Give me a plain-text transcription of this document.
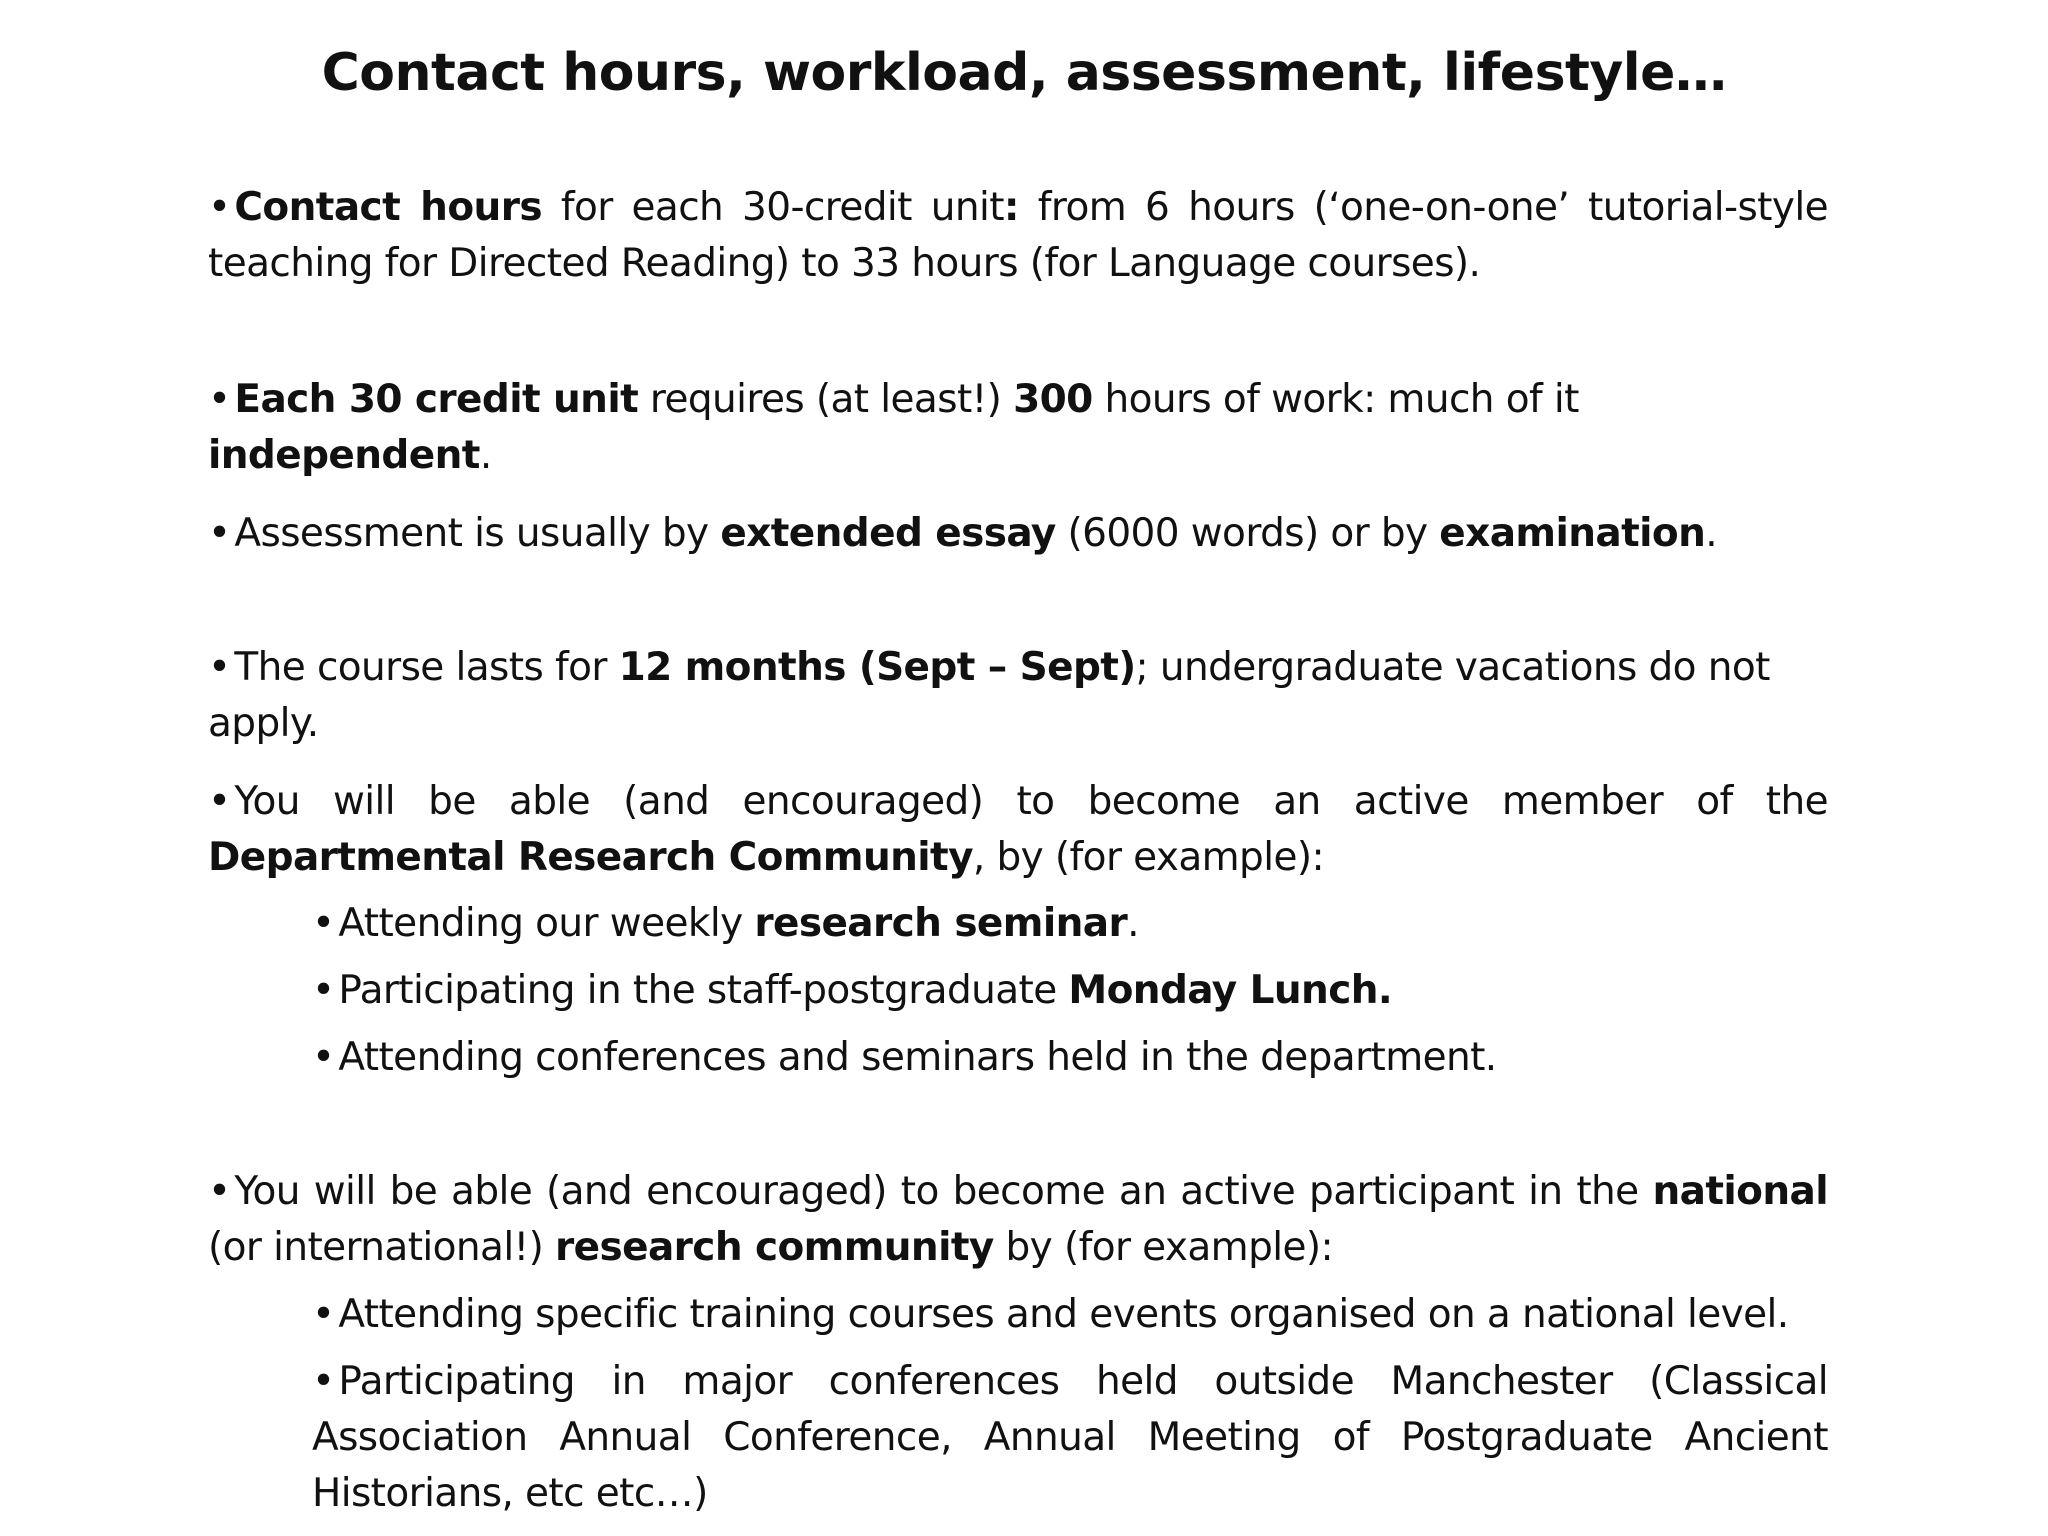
Contact hours, workload, assessment, lifestyle…
• Contact hours for each 30-credit unit: from 6 hours (‘one-on-one’ tutorial-style teaching for Directed Reading) to 33 hours (for Language courses).
• Each 30 credit unit requires (at least!) 300 hours of work: much of it independent.
• Assessment is usually by extended essay (6000 words) or by examination.
• The course lasts for 12 months (Sept – Sept); undergraduate vacations do not apply.
• You will be able (and encouraged) to become an active member of the Departmental Research Community, by (for example):
• Attending our weekly research seminar.
• Participating in the staff-postgraduate Monday Lunch.
• Attending conferences and seminars held in the department.
• You will be able (and encouraged) to become an active participant in the national (or international!) research community by (for example):
• Attending specific training courses and events organised on a national level.
• Participating in major conferences held outside Manchester (Classical Association Annual Conference, Annual Meeting of Postgraduate Ancient Historians, etc etc…)
